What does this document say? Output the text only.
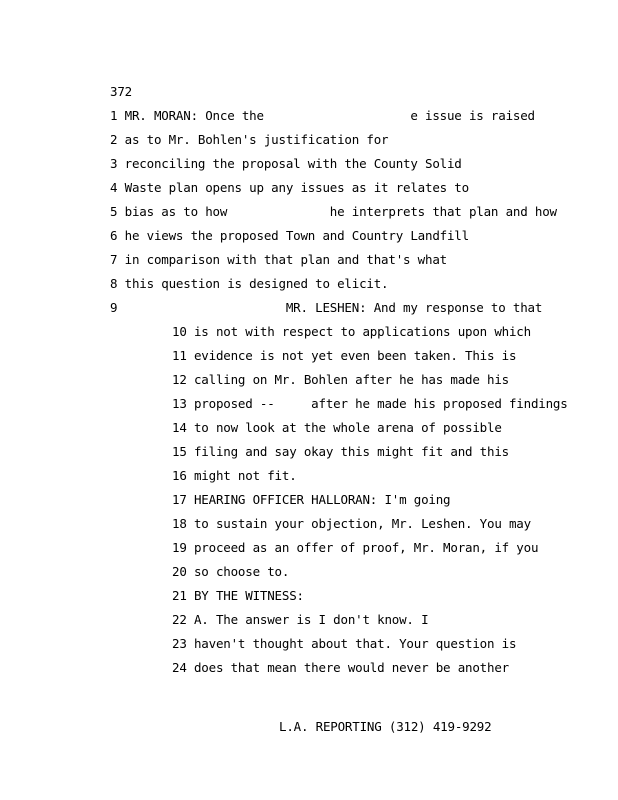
372
1 MR. MORAN: Once the                    e issue is raised
2 as to Mr. Bohlen's justification for
3 reconciling the proposal with the County Solid
4 Waste plan opens up any issues as it relates to
5 bias as to how              he interprets that plan and how
6 he views the proposed Town and Country Landfill
7 in comparison with that plan and that's what
8 this question is designed to elicit.
9                       MR. LESHEN: And my response to that
10 is not with respect to applications upon which
11 evidence is not yet even been taken. This is
12 calling on Mr. Bohlen after he has made his
13 proposed --     after he made his proposed findings
14 to now look at the whole arena of possible
15 filing and say okay this might fit and this
16 might not fit.
17 HEARING OFFICER HALLORAN: I'm going
18 to sustain your objection, Mr. Leshen. You may
19 proceed as an offer of proof, Mr. Moran, if you
20 so choose to.
21 BY THE WITNESS:
22 A. The answer is I don't know. I
23 haven't thought about that. Your question is
24 does that mean there would never be another
L.A. REPORTING (312) 419-9292
